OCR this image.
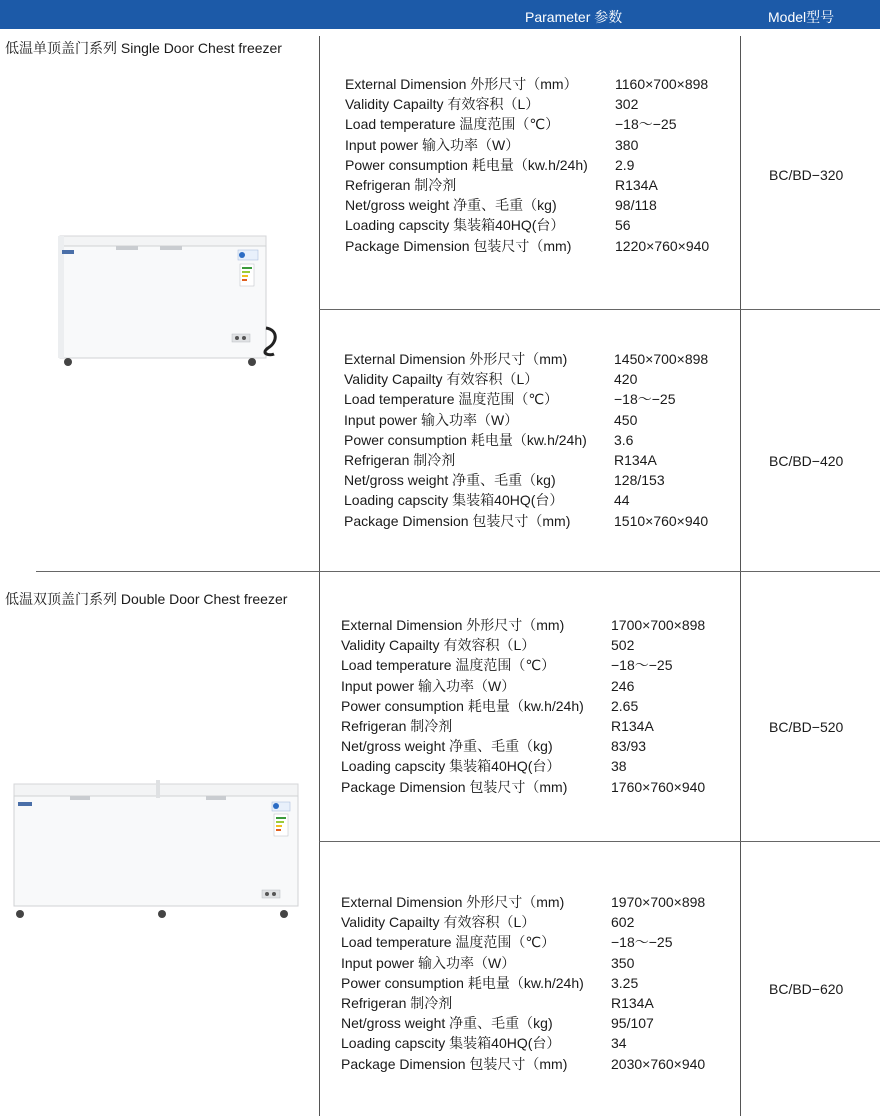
Parameter 参数	Model型号
低温单顶盖门系列 Single Door Chest freezer
低温双顶盖门系列 Double Door Chest freezer
External Dimension 外形尺寸（mm）	1160×700×898
Validity Capailty 有效容积（L）	302
Load temperature 温度范围（℃）	−18～−25
Input power 输入功率（W）	380
Power consumption 耗电量（kw.h/24h)	2.9
Refrigeran 制冷剂	R134A
Net/gross weight 净重、毛重（kg)	98/118
Loading capscity 集装箱40HQ(台）	56
Package Dimension 包装尺寸（mm)	1220×760×940
BC/BD−320
External Dimension 外形尺寸（mm)	1450×700×898
Validity Capailty 有效容积（L）	420
Load temperature 温度范围（℃）	−18～−25
Input power 输入功率（W）	450
Power consumption 耗电量（kw.h/24h)	3.6
Refrigeran 制冷剂	R134A
Net/gross weight 净重、毛重（kg)	128/153
Loading capscity 集装箱40HQ(台）	44
Package Dimension 包装尺寸（mm)	1510×760×940
BC/BD−420
External Dimension 外形尺寸（mm)	1700×700×898
Validity Capailty 有效容积（L）	502
Load temperature 温度范围（℃）	−18～−25
Input power 输入功率（W）	246
Power consumption 耗电量（kw.h/24h)	2.65
Refrigeran 制冷剂	R134A
Net/gross weight 净重、毛重（kg)	83/93
Loading capscity 集装箱40HQ(台）	38
Package Dimension 包装尺寸（mm)	1760×760×940
BC/BD−520
External Dimension 外形尺寸（mm)	1970×700×898
Validity Capailty 有效容积（L）	602
Load temperature 温度范围（℃）	−18～−25
Input power 输入功率（W）	350
Power consumption 耗电量（kw.h/24h)	3.25
Refrigeran 制冷剂	R134A
Net/gross weight 净重、毛重（kg)	95/107
Loading capscity 集装箱40HQ(台）	34
Package Dimension 包装尺寸（mm)	2030×760×940
BC/BD−620
